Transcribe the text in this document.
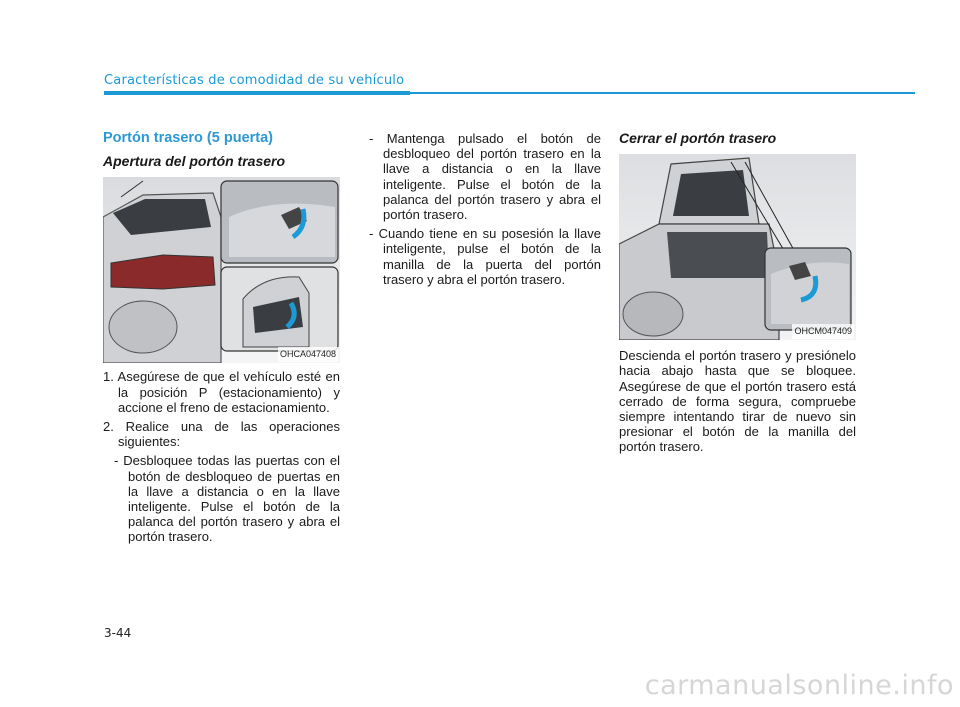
Características de comodidad de su vehículo
Portón trasero (5 puerta)
Apertura del portón trasero
OHCA047408

1. Asegúrese de que el vehículo esté en la posición P (estacionamiento) y accione el freno de estacionamiento.

2. Realice una de las operaciones siguientes:

- Desbloquee todas las puertas con el botón de desbloqueo de puertas en la llave a distancia o en la llave inteligente. Pulse el botón de la palanca del portón trasero y abra el portón trasero.

- Mantenga pulsado el botón de desbloqueo del portón trasero en la llave a distancia o en la llave inteligente. Pulse el botón de la palanca del portón trasero y abra el portón trasero.

- Cuando tiene en su posesión la llave inteligente, pulse el botón de la manilla de la puerta del portón trasero y abra el portón trasero.

Cerrar el portón trasero
OHCM047409

Descienda el portón trasero y presiónelo hacia abajo hasta que se bloquee. Asegúrese de que el portón trasero está cerrado de forma segura, compruebe siempre intentando tirar de nuevo sin presionar el botón de la manilla del portón trasero.

3-44
carmanualsonline.info
